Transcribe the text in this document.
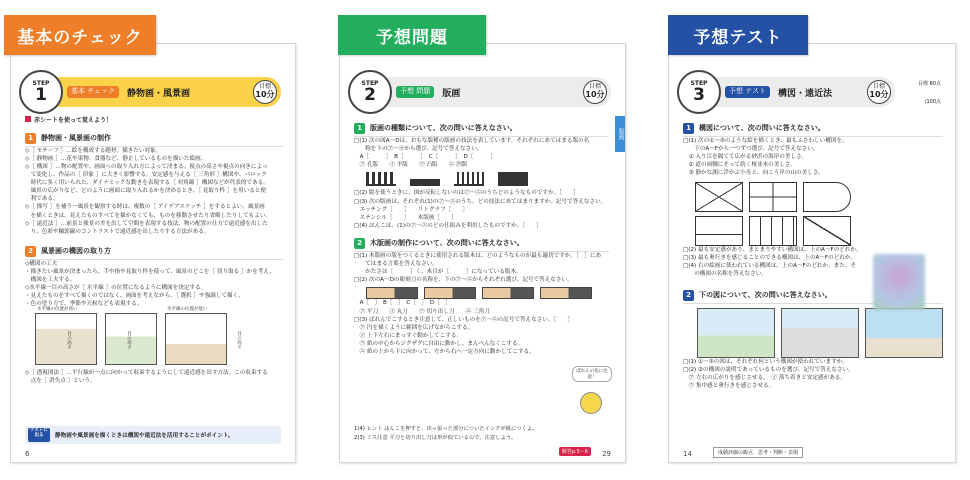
基本のチェック	予想問題	予想テスト
STEP
1	基本 チェック	静物画・風景画
目標
10分
赤シートを使って覚えよう！
1	静物画・風景画の制作
◇［ モチーフ ］…絵を構成する題材。描きたい対象。
◇［ 静物画 ］…花や果物、食器など、静止しているものを描いた絵画。
◇［ 構図 ］…物の配置や、画面への取り入れ方によって決まる。視点の高さや視点の向きによっ
　て変化し、作品の［ 印象 ］に大きく影響する。安定感を与える［ 三角形 ］構図や、バロック
　時代に多く用いられた、ダイナミックな動きを表現する［ 対角線 ］構図などが代表的である。
　風景の広がりなど、どのように画面に取り入れるかを決めるとき、［ 見取り枠 ］を用いると便
　利である。
◇［ 描写 ］を補う一風景を観察する時は、複数の［ アイデアスケッチ ］をするとよい。風景画
　を描くときは、見えたものすべてを描かなくても、ものを移動させたり省略したりしてもよい。
◇［ 遠近法 ］…前景と後景の差を出して空間を表現する技法。物の配置の仕方で遠近感を出した
　り、色彩や輪郭線のコントラストで遠近感を出したりする方法がある。
2	風景画の構図の取り方
◇構図の工夫
・描きたい風景が決まったら、手や指や見取り枠を使って、風景のどこを［ 切り取る ］かを考え、
　構図を工夫する。
◇水平線一目の高さが［ 水平線 ］の位置になるように構図を決定する。
・見えたものをすべて描くのではなく、画面を考えながら、［ 選択 ］や強調して描く。
・色の塗り方で、季節や天候なども表現する。
水平線の位置が高い	水平線の位置が低い
目の高さ	目の高さ	目の高さ
◇［ 透視図法 ］…平行線が一点に向かって収束するようにして遠近感を出す方法。この収束する
　点を［ 消失点 ］という。
テストに出る	静物画や風景画を描くときは構図や遠近法を活用することがポイント。
6
STEP
2	予想 問題	版画
目標
10分
版画
1	版画の種類について、次の問いに答えなさい。
□(1) 次の図A〜Dは、おもな版種の版画の技法を表しています。それぞれにあてはまる版の名
　　称を下の㋐〜㋔から選び、記号で答えなさい。
　A［　　　］　B［　　　］　C［　　　］　D［　　　］
　㋐ 孔版　　㋑ 平版　　㋒ 凸版　　㋓ 凹版
□(2) 版を使うときに、図が反転しないのは㋐〜㋓のうちどのようなものですか。［　　］
□(3) 次の版画は、それぞれ(1)の㋐〜㋓のうち、どの技法にあてはまりますか。記号で答えなさい。
　エッチング［　　］　　リトグラフ［　　］
　ステンシル［　　］　　木版画［　　］
□(4) はんこは、(1)の㋐〜㋓のどの仕組みを利用したものですか。［　　］
2	木版画の制作について、次の問いに答えなさい。
□(1) 木版画の版をつくるときに使用される版木は、どのようなものが最も適切ですか。［　］にあ
　　てはまる言葉を答えなさい。
　　かたさは［　　　］く、木目が［　　　］になっている版木。
□(2) 次のA〜Dの彫刻刀の名称を、下の㋐〜㋓からそれぞれ選び、記号で答えなさい。
　A［　］　B［　］　C［　］　D［　］
　㋐ 平刀　　㋑ 丸刀　　㋒ 切り出し刀　　㋓ 三角刀
□(3) ばれんでこするとき注意して、正しいものを㋐〜㋓の記号で答えなさい。［　　］
　㋐ 円を描くように範囲を広げながらこする。
　㋑ 上下左右にまっすぐ動かしてこする。
　㋒ 紙の中心からジグザグに自由に動かし、まんべんなくこする。
　㋓ 紙の上から下に向かって、左から右へ一定方向に動かしてこする。
ばれんの先に注意！
1(4) ヒント はんこを押すと、出っ張った部分についたインクが紙につくよ。
2(3) ミス注意 平刀と切り出し刀は形が似ているので、注意しよう。
解答p.5〜6	29
STEP
3	予想 テスト	構図・遠近法
目標
10分
目標 80点
/100点
1	構図について、次の問いに答えなさい。
□(1) 次の①〜③のような絵を描くとき、最もふさわしい構図を、
　　下のA〜Fから一つずつ選び、記号で答えなさい。
　① 入り江を隔てて広がる砂浜の海岸の美しさ。
　② 道の両側にそって続く桜並木の美しさ。
　③ 静かな湖に浮かぶ小舟と、向こう岸の山の美しさ。
□(2) 最も安定感があり、まとまりやすい構図は、上のA〜Fのどれか。
□(3) 最も奥行きを感じることのできる構図は、上のA〜Fのどれか。
□(4) 右の絵画に使われている構図は、上のA〜Fのどれか。また、そ
　　の構図の名称を答えなさい。
2	下の図について、次の問いに答えなさい。
□(1) ①〜③の図は、それぞれ何という構図が使われていますか。
□(2) ②の構図の説明であっているものを選び、記号で答えなさい。
　㋐ 左右の広がりを感じさせる。　㋑ 落ち着きと安定感がある。
　㋒ 集中感と奥行きを感じさせる。
成績評価の観点　思考・判断・表現
14
